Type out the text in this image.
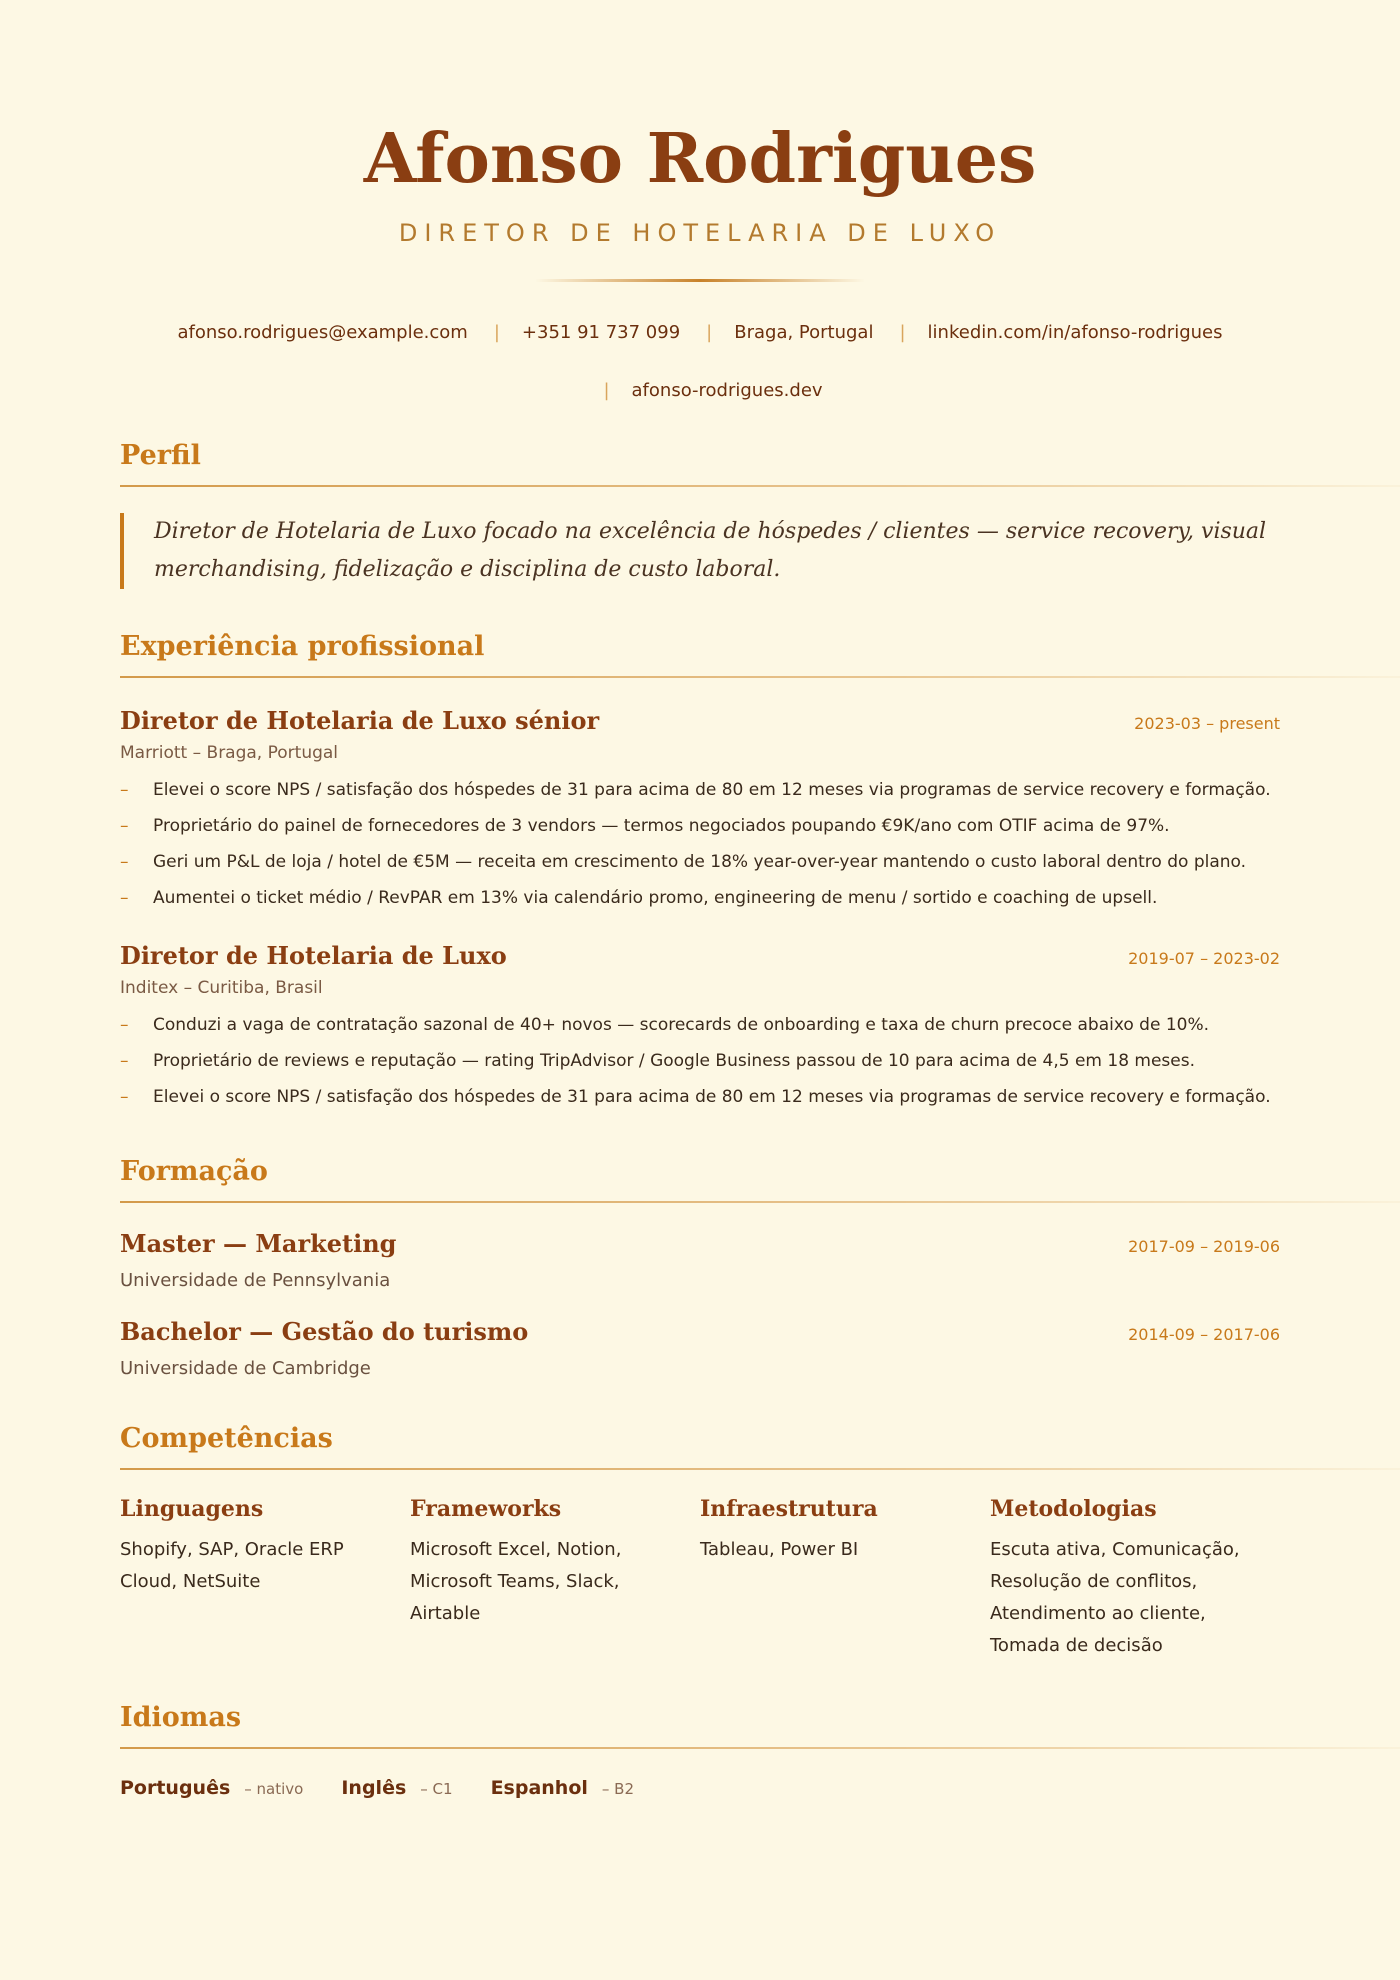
Afonso Rodrigues
DIRETOR DE HOTELARIA DE LUXO
afonso.rodrigues@example.com | +351 91 737 099 | Braga, Portugal | linkedin.com/in/afonso-rodrigues
| afonso-rodrigues.dev
Perfil
Diretor de Hotelaria de Luxo focado na excelência de hóspedes / clientes — service recovery, visual merchandising, fidelização e disciplina de custo laboral.
Experiência profissional
Diretor de Hotelaria de Luxo sénior	2023-03 – present
Marriott – Braga, Portugal
– Elevei o score NPS / satisfação dos hóspedes de 31 para acima de 80 em 12 meses via programas de service recovery e formação.
– Proprietário do painel de fornecedores de 3 vendors — termos negociados poupando €9K/ano com OTIF acima de 97%.
– Geri um P&L de loja / hotel de €5M — receita em crescimento de 18% year-over-year mantendo o custo laboral dentro do plano.
– Aumentei o ticket médio / RevPAR em 13% via calendário promo, engineering de menu / sortido e coaching de upsell.
Diretor de Hotelaria de Luxo	2019-07 – 2023-02
Inditex – Curitiba, Brasil
– Conduzi a vaga de contratação sazonal de 40+ novos — scorecards de onboarding e taxa de churn precoce abaixo de 10%.
– Proprietário de reviews e reputação — rating TripAdvisor / Google Business passou de 10 para acima de 4,5 em 18 meses.
– Elevei o score NPS / satisfação dos hóspedes de 31 para acima de 80 em 12 meses via programas de service recovery e formação.
Formação
Master — Marketing	2017-09 – 2019-06
Universidade de Pennsylvania
Bachelor — Gestão do turismo	2014-09 – 2017-06
Universidade de Cambridge
Competências
Linguagens
Shopify, SAP, Oracle ERP Cloud, NetSuite
Frameworks
Microsoft Excel, Notion, Microsoft Teams, Slack, Airtable
Infraestrutura
Tableau, Power BI
Metodologias
Escuta ativa, Comunicação, Resolução de conflitos, Atendimento ao cliente, Tomada de decisão
Idiomas
Português – nativo Inglês – C1 Espanhol – B2
